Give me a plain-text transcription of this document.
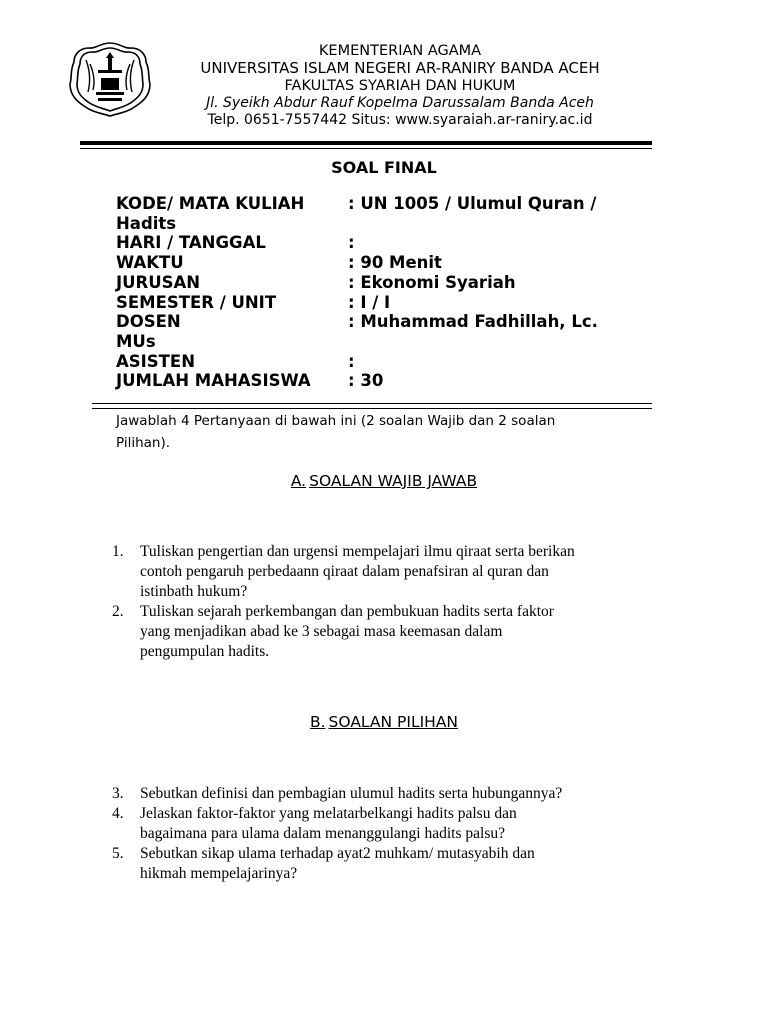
KEMENTERIAN AGAMA
UNIVERSITAS ISLAM NEGERI AR-RANIRY BANDA ACEH
FAKULTAS SYARIAH DAN HUKUM
Jl. Syeikh Abdur Rauf Kopelma Darussalam Banda Aceh
Telp. 0651-7557442 Situs: www.syaraiah.ar-raniry.ac.id
SOAL FINAL
KODE/ MATA KULIAH	: UN 1005 / Ulumul Quran /
Hadits
HARI / TANGGAL	:
WAKTU	: 90 Menit
JURUSAN	: Ekonomi Syariah
SEMESTER / UNIT	: I / I
DOSEN	: Muhammad Fadhillah, Lc.
MUs
ASISTEN	:
JUMLAH MAHASISWA	: 30
Jawablah 4 Pertanyaan di bawah ini (2 soalan Wajib dan 2 soalan
Pilihan).
A. SOALAN WAJIB JAWAB
1.	Tuliskan pengertian dan urgensi mempelajari ilmu qiraat serta berikan
contoh pengaruh perbedaann qiraat dalam penafsiran al quran dan
istinbath hukum?
2.	Tuliskan sejarah perkembangan dan pembukuan hadits serta faktor
yang menjadikan abad ke 3 sebagai masa keemasan dalam
pengumpulan hadits.
B. SOALAN PILIHAN
3.	Sebutkan definisi dan pembagian ulumul hadits serta hubungannya?
4.	Jelaskan faktor-faktor yang melatarbelkangi hadits palsu dan
bagaimana para ulama dalam menanggulangi hadits palsu?
5.	Sebutkan sikap ulama terhadap ayat2 muhkam/ mutasyabih dan
hikmah mempelajarinya?
